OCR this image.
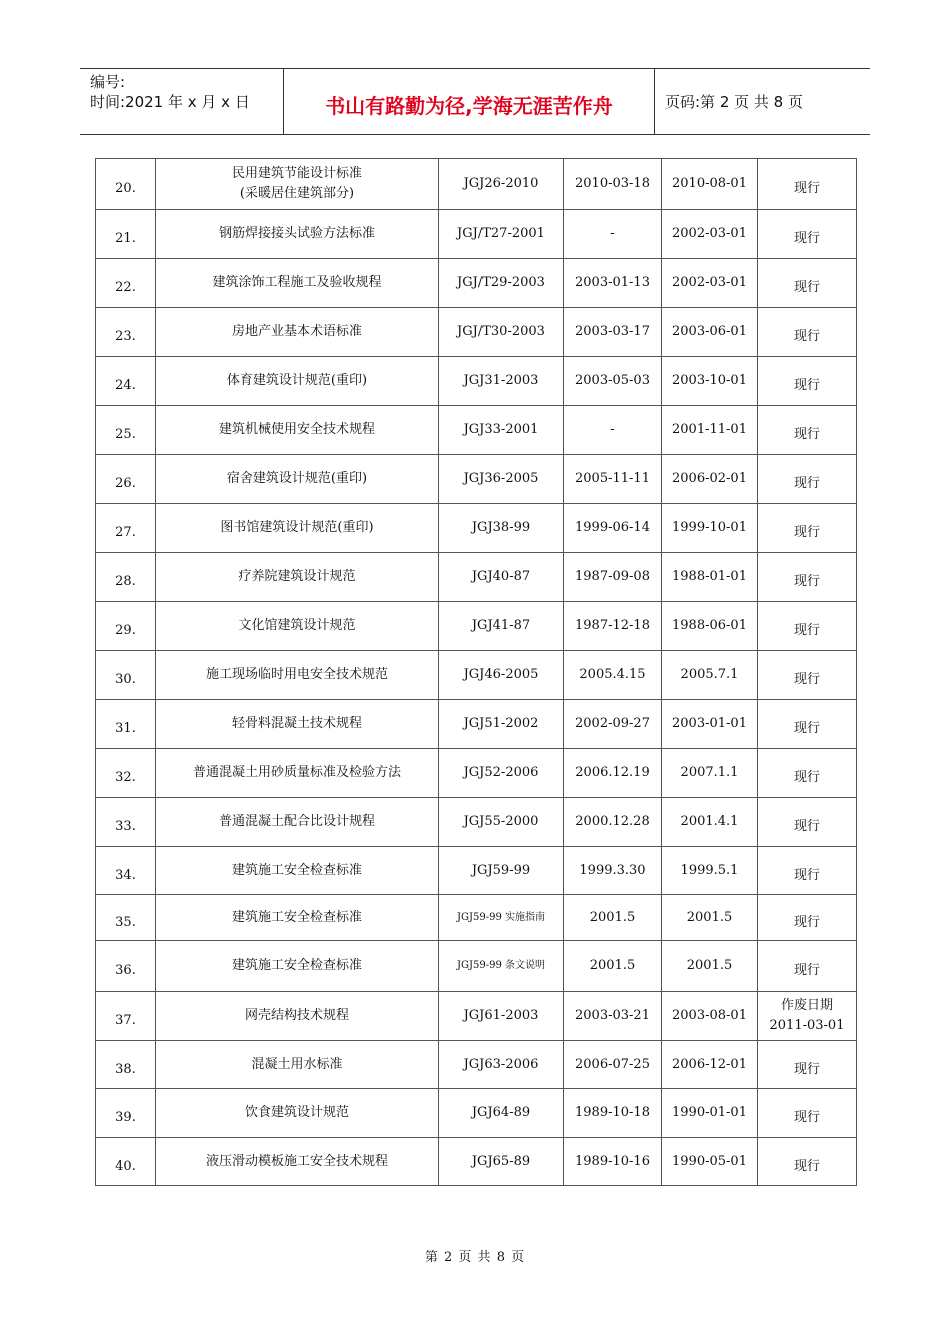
编号:
时间:2021 年 x 月 x 日	书山有路勤为径,学海无涯苦作舟	页码:第 2 页 共 8 页
20.	民用建筑节能设计标准
(采暖居住建筑部分)	JGJ26-2010	2010-03-18	2010-08-01	现行

21.	钢筋焊接接头试验方法标准	JGJ/T27-2001	-	2002-03-01	现行

22.	建筑涂饰工程施工及验收规程	JGJ/T29-2003	2003-01-13	2002-03-01	现行

23.	房地产业基本术语标准	JGJ/T30-2003	2003-03-17	2003-06-01	现行

24.	体育建筑设计规范(重印)	JGJ31-2003	2003-05-03	2003-10-01	现行

25.	建筑机械使用安全技术规程	JGJ33-2001	-	2001-11-01	现行

26.	宿舍建筑设计规范(重印)	JGJ36-2005	2005-11-11	2006-02-01	现行

27.	图书馆建筑设计规范(重印)	JGJ38-99	1999-06-14	1999-10-01	现行

28.	疗养院建筑设计规范	JGJ40-87	1987-09-08	1988-01-01	现行

29.	文化馆建筑设计规范	JGJ41-87	1987-12-18	1988-06-01	现行

30.	施工现场临时用电安全技术规范	JGJ46-2005	2005.4.15	2005.7.1	现行

31.	轻骨料混凝土技术规程	JGJ51-2002	2002-09-27	2003-01-01	现行

32.	普通混凝土用砂质量标准及检验方法	JGJ52-2006	2006.12.19	2007.1.1	现行

33.	普通混凝土配合比设计规程	JGJ55-2000	2000.12.28	2001.4.1	现行

34.	建筑施工安全检查标准	JGJ59-99	1999.3.30	1999.5.1	现行

35.	建筑施工安全检查标准	JGJ59-99 实施指南	2001.5	2001.5	现行

36.	建筑施工安全检查标准	JGJ59-99 条文说明	2001.5	2001.5	现行

37.	网壳结构技术规程	JGJ61-2003	2003-03-21	2003-08-01	作废日期
2011-03-01

38.	混凝土用水标准	JGJ63-2006	2006-07-25	2006-12-01	现行

39.	饮食建筑设计规范	JGJ64-89	1989-10-18	1990-01-01	现行

40.	液压滑动模板施工安全技术规程	JGJ65-89	1989-10-16	1990-05-01	现行
第 2 页 共 8 页
